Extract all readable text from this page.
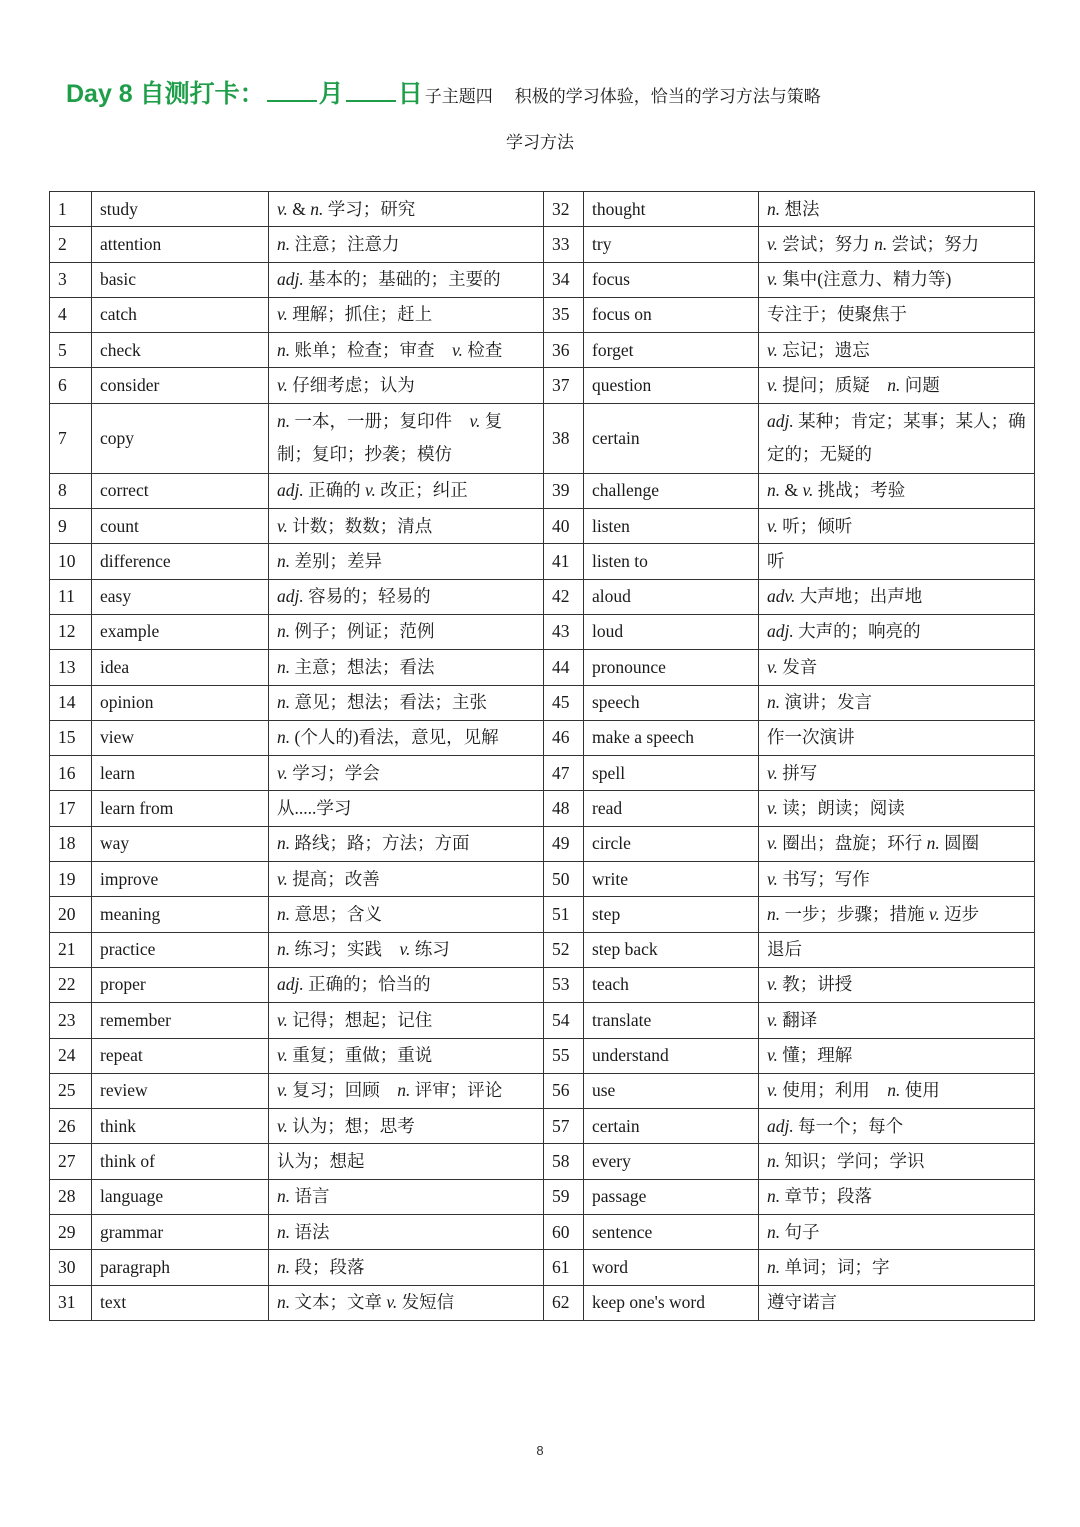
Day 8 自测打卡： 月 日 子主题四 积极的学习体验，恰当的学习方法与策略
学习方法
1	study	v. & n. 学习；研究	32	thought	n. 想法
2	attention	n. 注意；注意力	33	try	v. 尝试；努力 n. 尝试；努力
3	basic	adj. 基本的；基础的；主要的	34	focus	v. 集中(注意力、精力等)
4	catch	v. 理解；抓住；赶上	35	focus on	专注于；使聚焦于
5	check	n. 账单；检查；审查　v. 检查	36	forget	v. 忘记；遗忘
6	consider	v. 仔细考虑；认为	37	question	v. 提问；质疑　n. 问题
7	copy	n. 一本，一册；复印件　v. 复制；复印；抄袭；模仿	38	certain	adj. 某种；肯定；某事；某人；确定的；无疑的
8	correct	adj. 正确的 v. 改正；纠正	39	challenge	n. & v. 挑战；考验
9	count	v. 计数；数数；清点	40	listen	v. 听；倾听
10	difference	n. 差别；差异	41	listen to	听
11	easy	adj. 容易的；轻易的	42	aloud	adv. 大声地；出声地
12	example	n. 例子；例证；范例	43	loud	adj. 大声的；响亮的
13	idea	n. 主意；想法；看法	44	pronounce	v. 发音
14	opinion	n. 意见；想法；看法；主张	45	speech	n. 演讲；发言
15	view	n. (个人的)看法，意见，见解	46	make a speech	作一次演讲
16	learn	v. 学习；学会	47	spell	v. 拼写
17	learn from	从.....学习	48	read	v. 读；朗读；阅读
18	way	n. 路线；路；方法；方面	49	circle	v. 圈出；盘旋；环行 n. 圆圈
19	improve	v. 提高；改善	50	write	v. 书写；写作
20	meaning	n. 意思；含义	51	step	n. 一步；步骤；措施 v. 迈步
21	practice	n. 练习；实践　v. 练习	52	step back	退后
22	proper	adj. 正确的；恰当的	53	teach	v. 教；讲授
23	remember	v. 记得；想起；记住	54	translate	v. 翻译
24	repeat	v. 重复；重做；重说	55	understand	v. 懂；理解
25	review	v. 复习；回顾　n. 评审；评论	56	use	v. 使用；利用　n. 使用
26	think	v. 认为；想；思考	57	certain	adj. 每一个；每个
27	think of	认为；想起	58	every	n. 知识；学问；学识
28	language	n. 语言	59	passage	n. 章节；段落
29	grammar	n. 语法	60	sentence	n. 句子
30	paragraph	n. 段；段落	61	word	n. 单词；词；字
31	text	n. 文本；文章 v. 发短信	62	keep one's word	遵守诺言
8
